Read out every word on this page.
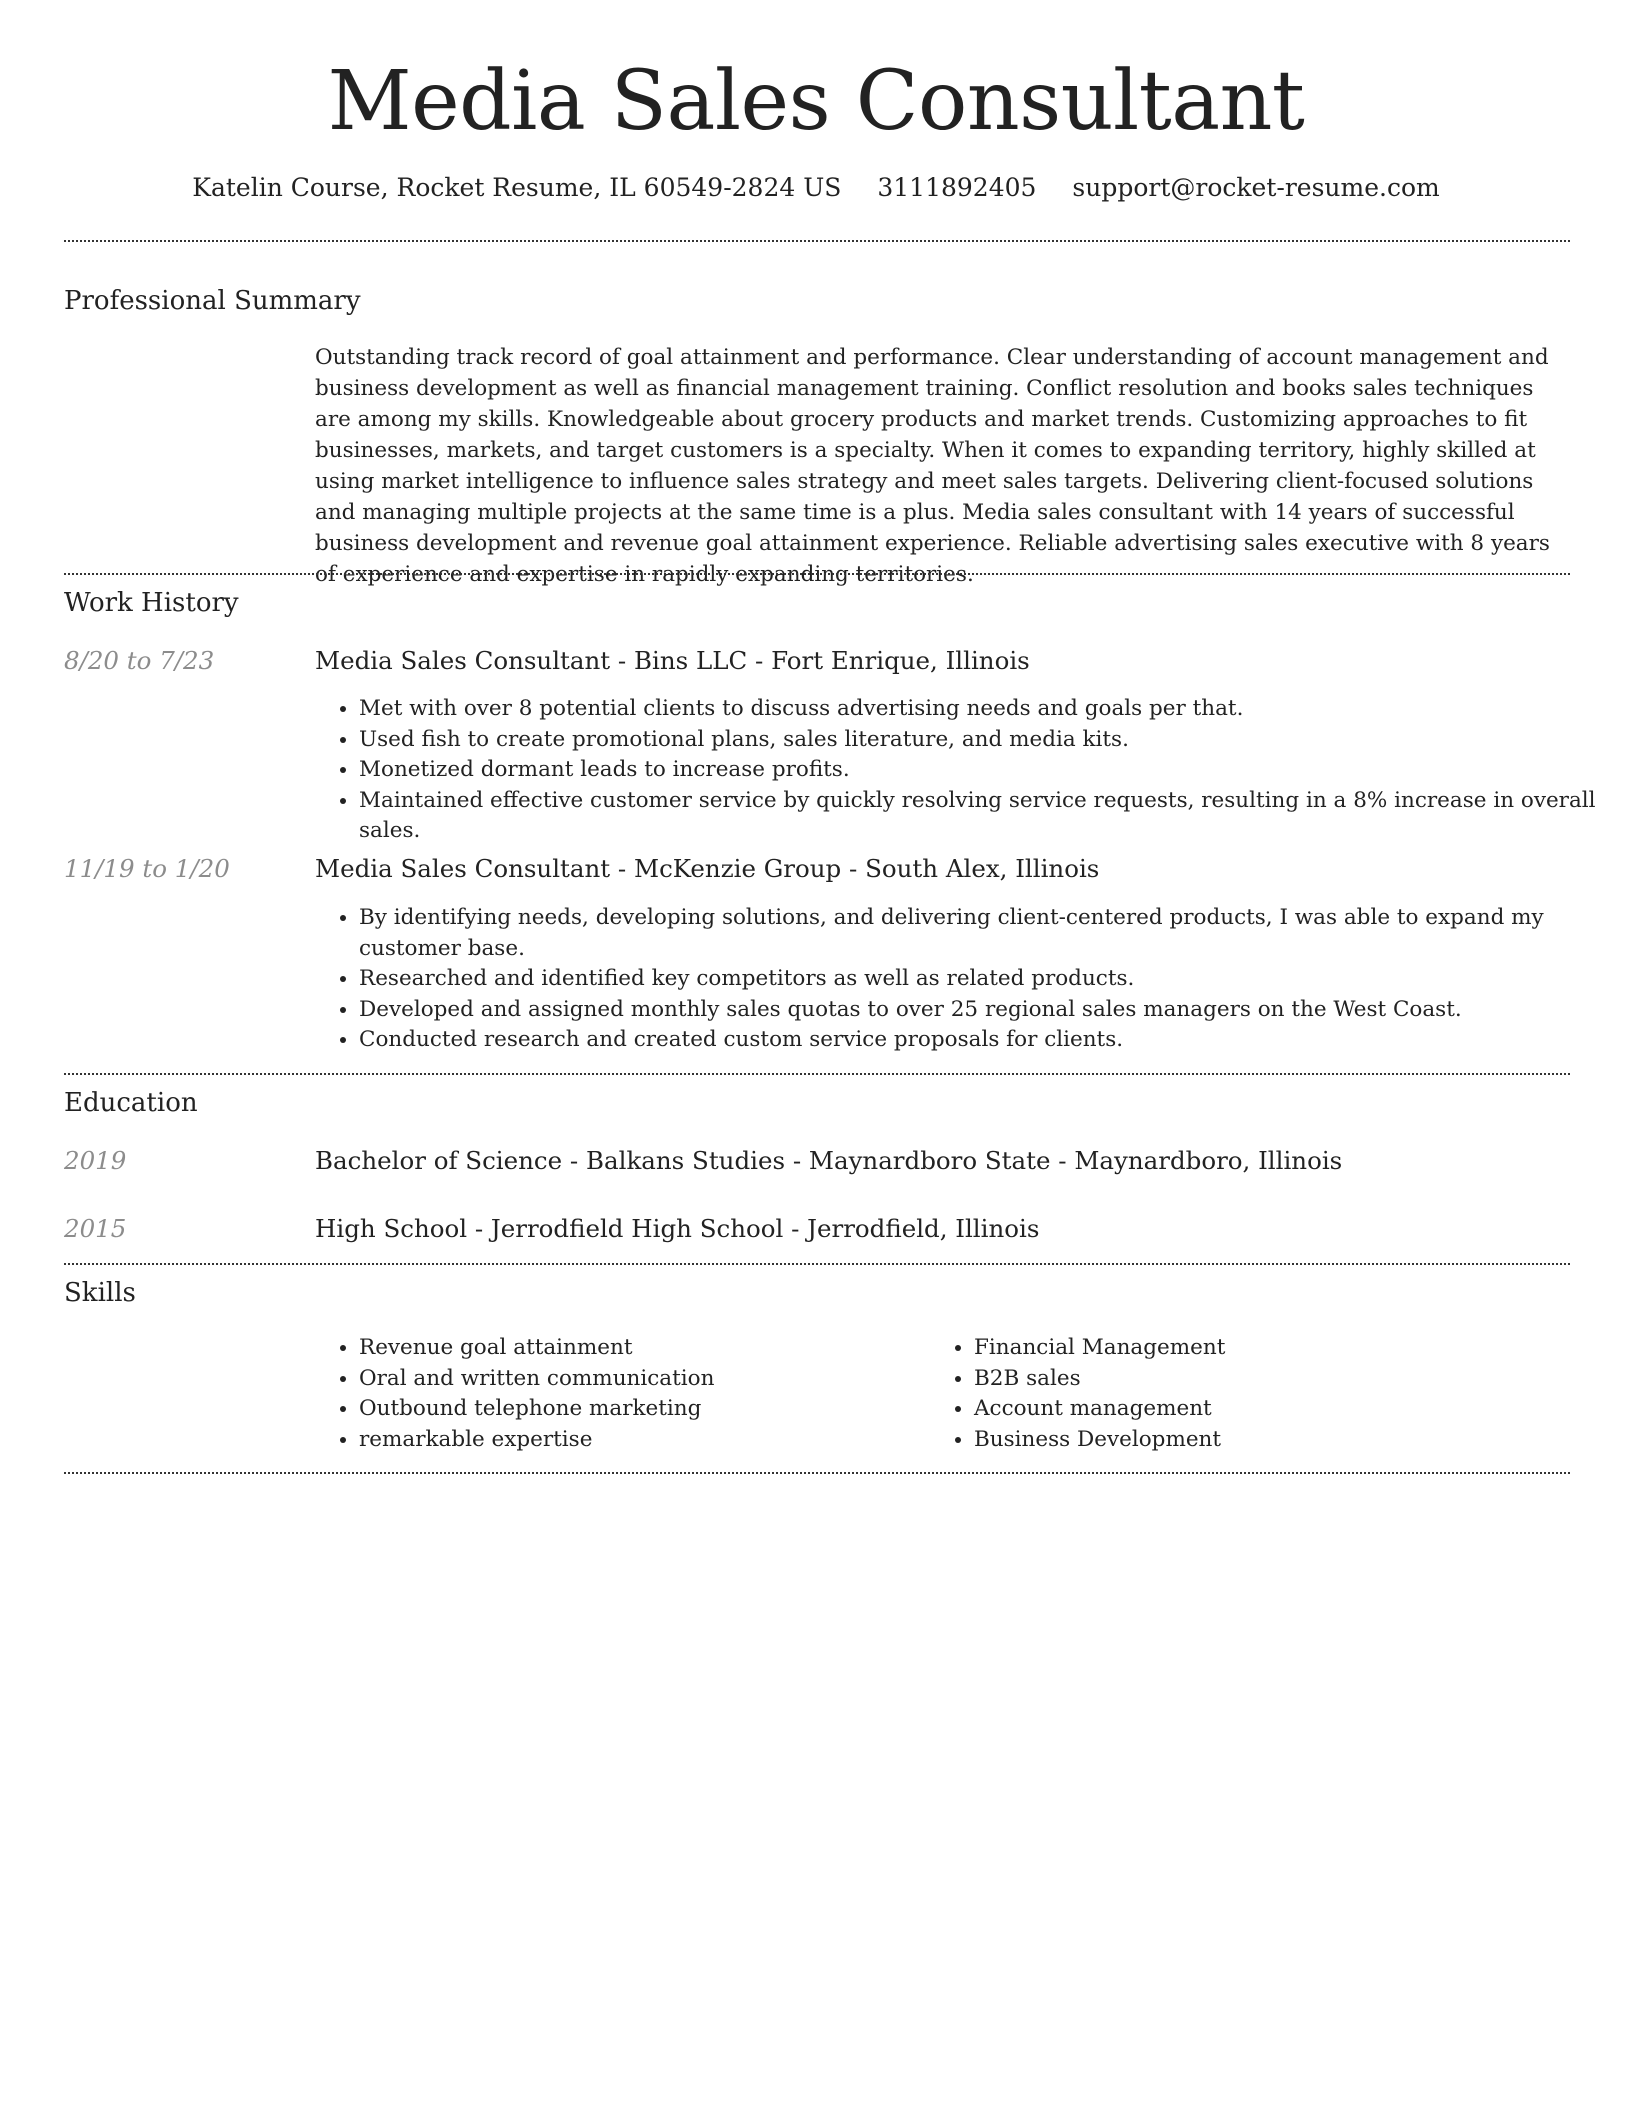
Media Sales Consultant
Katelin Course, Rocket Resume, IL 60549-2824 US 3111892405 support@rocket-resume.com
Professional Summary
Outstanding track record of goal attainment and performance. Clear understanding of account management and business development as well as financial management training. Conflict resolution and books sales techniques are among my skills. Knowledgeable about grocery products and market trends. Customizing approaches to fit businesses, markets, and target customers is a specialty. When it comes to expanding territory, highly skilled at using market intelligence to influence sales strategy and meet sales targets. Delivering client-focused solutions and managing multiple projects at the same time is a plus. Media sales consultant with 14 years of successful business development and revenue goal attainment experience. Reliable advertising sales executive with 8 years of experience and expertise in rapidly expanding territories.
Work History
8/20 to 7/23	Media Sales Consultant - Bins LLC - Fort Enrique, Illinois
• Met with over 8 potential clients to discuss advertising needs and goals per that.
• Used fish to create promotional plans, sales literature, and media kits.
• Monetized dormant leads to increase profits.
• Maintained effective customer service by quickly resolving service requests, resulting in a 8% increase in overall sales.
11/19 to 1/20	Media Sales Consultant - McKenzie Group - South Alex, Illinois
• By identifying needs, developing solutions, and delivering client-centered products, I was able to expand my customer base.
• Researched and identified key competitors as well as related products.
• Developed and assigned monthly sales quotas to over 25 regional sales managers on the West Coast.
• Conducted research and created custom service proposals for clients.
Education
2019	Bachelor of Science - Balkans Studies - Maynardboro State - Maynardboro, Illinois
2015	High School - Jerrodfield High School - Jerrodfield, Illinois
Skills
• Revenue goal attainment
• Oral and written communication
• Outbound telephone marketing
• remarkable expertise
• Financial Management
• B2B sales
• Account management
• Business Development
